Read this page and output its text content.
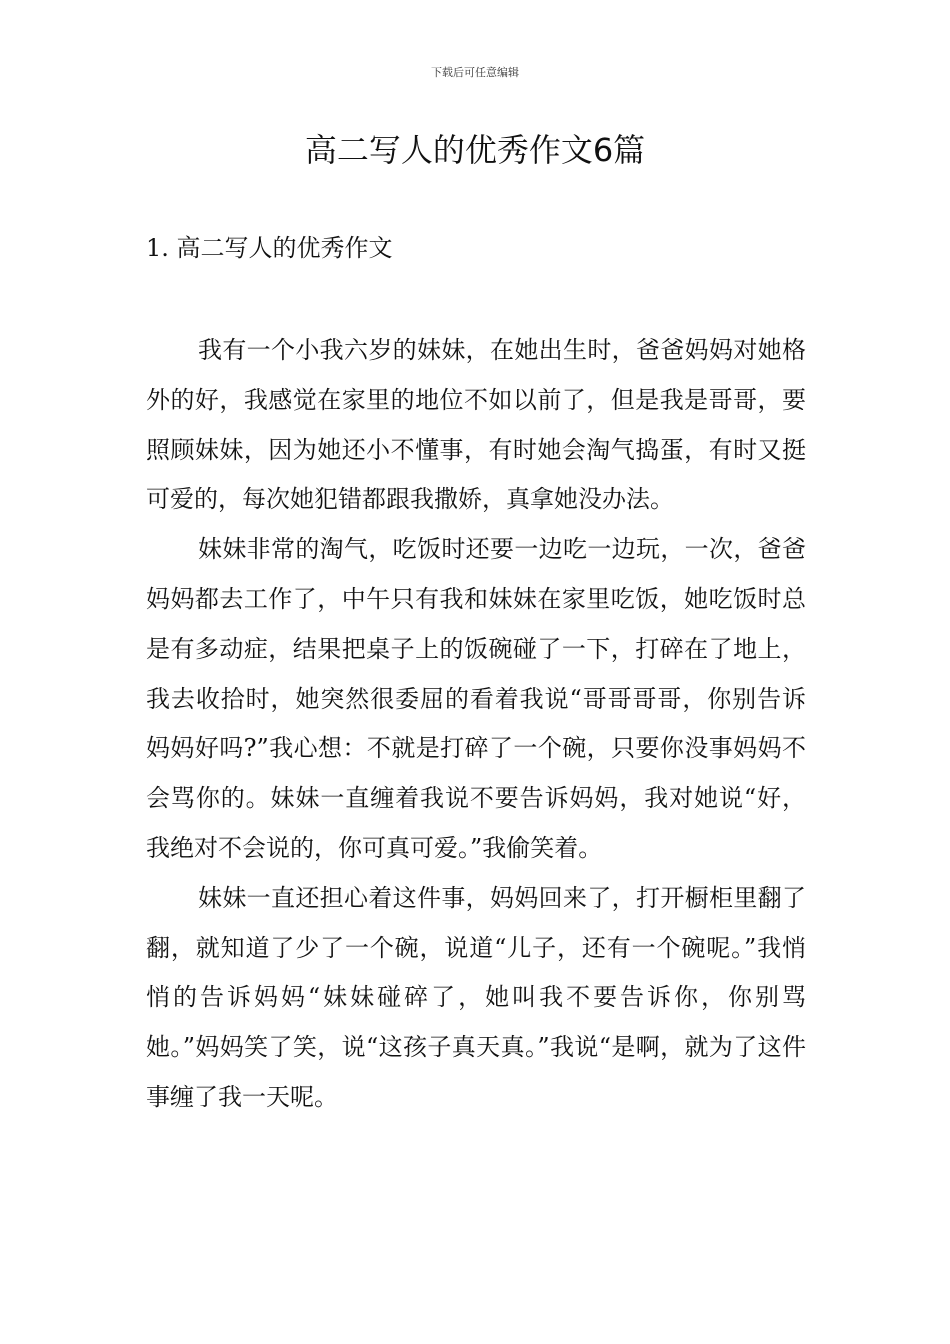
下载后可任意编辑
高二写人的优秀作文6篇
1. 高二写人的优秀作文

我有一个小我六岁的妹妹，在她出生时，爸爸妈妈对她格外的好，我感觉在家里的地位不如以前了，但是我是哥哥，要照顾妹妹，因为她还小不懂事，有时她会淘气捣蛋，有时又挺可爱的，每次她犯错都跟我撒娇，真拿她没办法。

妹妹非常的淘气，吃饭时还要一边吃一边玩，一次，爸爸妈妈都去工作了，中午只有我和妹妹在家里吃饭，她吃饭时总是有多动症，结果把桌子上的饭碗碰了一下，打碎在了地上，我去收拾时，她突然很委屈的看着我说“哥哥哥哥，你别告诉妈妈好吗?”我心想：不就是打碎了一个碗，只要你没事妈妈不会骂你的。妹妹一直缠着我说不要告诉妈妈，我对她说“好，我绝对不会说的，你可真可爱。”我偷笑着。

妹妹一直还担心着这件事，妈妈回来了，打开橱柜里翻了翻，就知道了少了一个碗，说道“儿子，还有一个碗呢。”我悄悄的告诉妈妈“妹妹碰碎了，她叫我不要告诉你，你别骂她。”妈妈笑了笑，说“这孩子真天真。”我说“是啊，就为了这件事缠了我一天呢。
